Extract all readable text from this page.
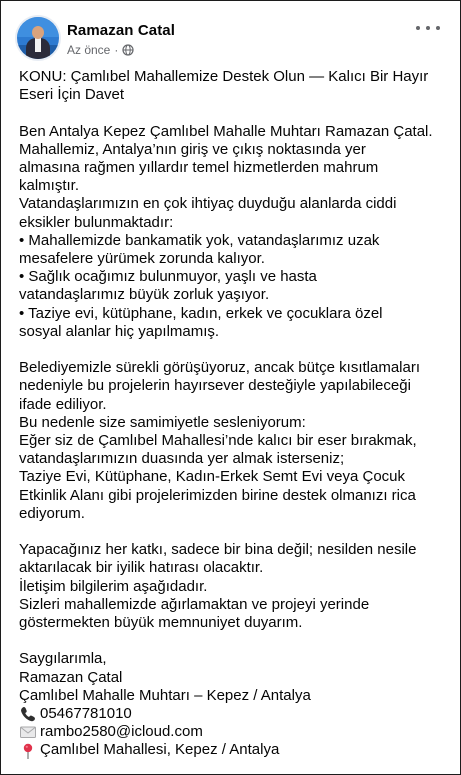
Ramazan Catal
Az önce ·

KONU: Çamlıbel Mahallemize Destek Olun — Kalıcı Bir Hayır

Eseri İçin Davet

Ben Antalya Kepez Çamlıbel Mahalle Muhtarı Ramazan Çatal.

Mahallemiz, Antalya’nın giriş ve çıkış noktasında yer

almasına rağmen yıllardır temel hizmetlerden mahrum

kalmıştır.

Vatandaşlarımızın en çok ihtiyaç duyduğu alanlarda ciddi

eksikler bulunmaktadır:

• Mahallemizde bankamatik yok, vatandaşlarımız uzak

mesafelere yürümek zorunda kalıyor.

• Sağlık ocağımız bulunmuyor, yaşlı ve hasta

vatandaşlarımız büyük zorluk yaşıyor.

• Taziye evi, kütüphane, kadın, erkek ve çocuklara özel

sosyal alanlar hiç yapılmamış.

Belediyemizle sürekli görüşüyoruz, ancak bütçe kısıtlamaları

nedeniyle bu projelerin hayırsever desteğiyle yapılabileceği

ifade ediliyor.

Bu nedenle size samimiyetle sesleniyorum:

Eğer siz de Çamlıbel Mahallesi’nde kalıcı bir eser bırakmak,

vatandaşlarımızın duasında yer almak isterseniz;

Taziye Evi, Kütüphane, Kadın-Erkek Semt Evi veya Çocuk

Etkinlik Alanı gibi projelerimizden birine destek olmanızı rica

ediyorum.

Yapacağınız her katkı, sadece bir bina değil; nesilden nesile

aktarılacak bir iyilik hatırası olacaktır.

İletişim bilgilerim aşağıdadır.

Sizleri mahallemizde ağırlamaktan ve projeyi yerinde

göstermekten büyük memnuniyet duyarım.

Saygılarımla,

Ramazan Çatal

Çamlıbel Mahalle Muhtarı – Kepez / Antalya

05467781010
rambo2580@icloud.com
Çamlıbel Mahallesi, Kepez / Antalya
